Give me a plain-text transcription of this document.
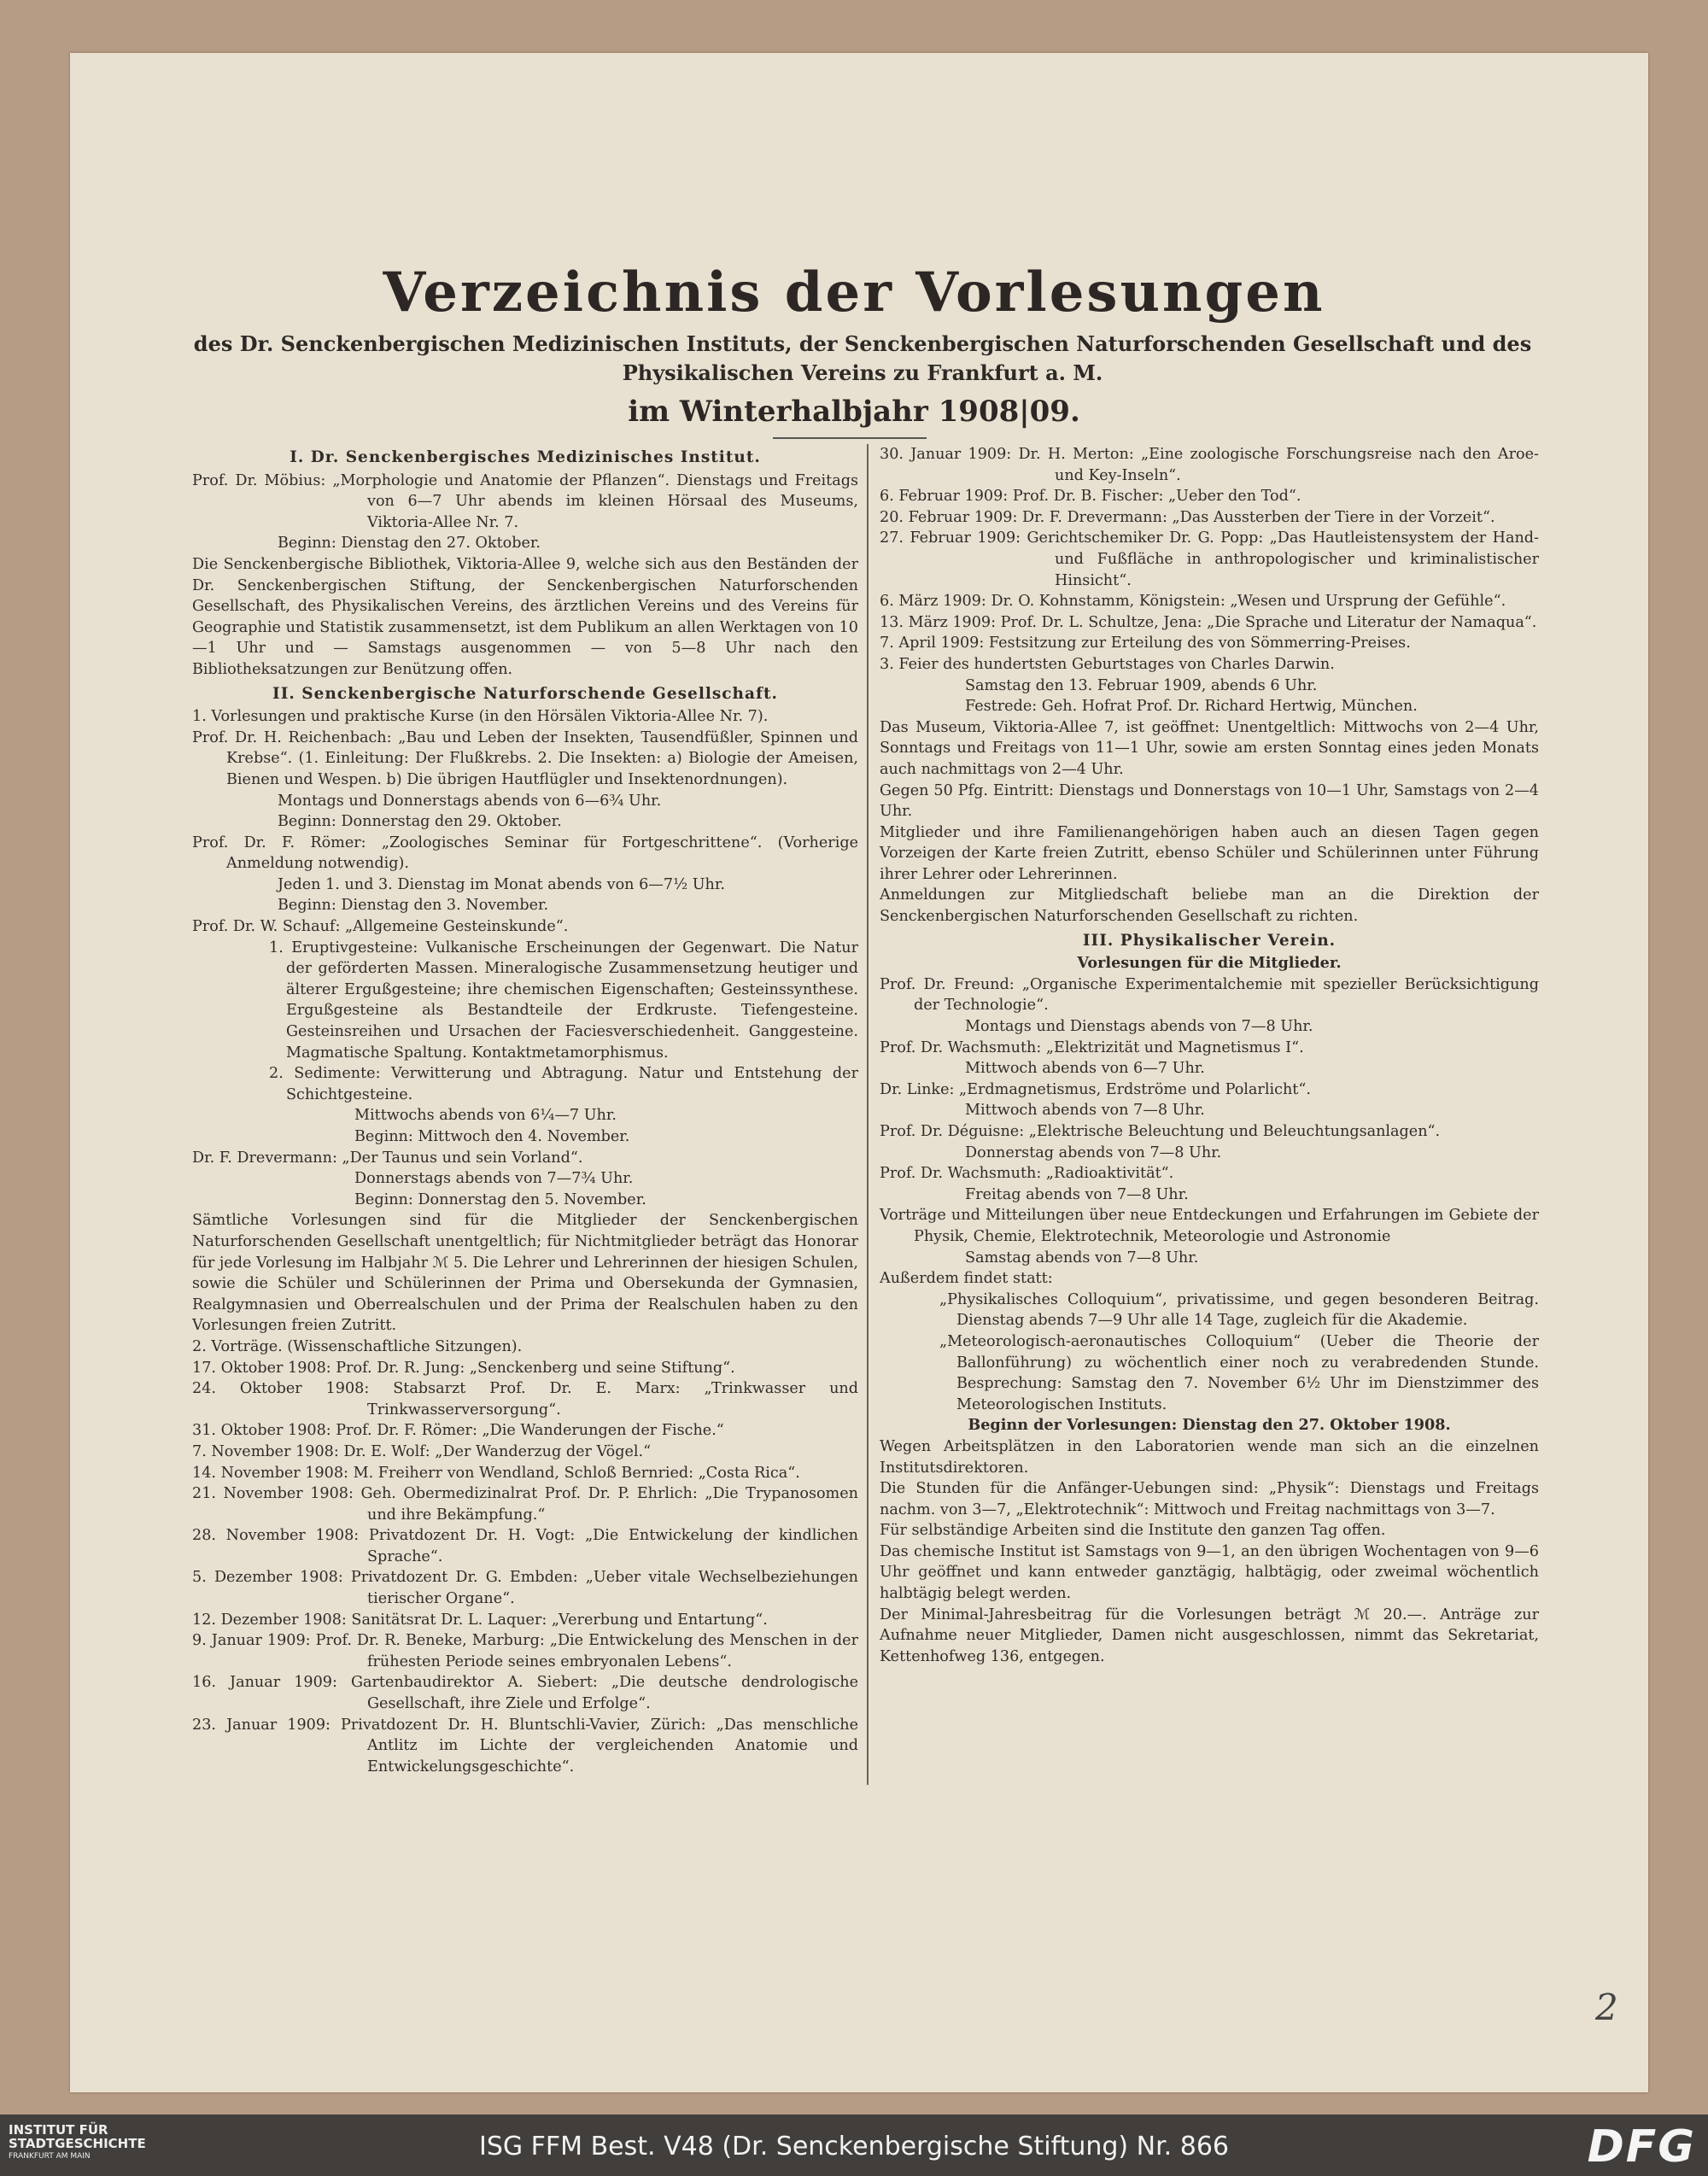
Verzeichnis der Vorlesungen
des Dr. Senckenbergischen Medizinischen Instituts, der Senckenbergischen Naturforschenden Gesellschaft und des Physikalischen Vereins zu Frankfurt a. M.
im Winterhalbjahr 1908|09.

I. Dr. Senckenbergisches Medizinisches Institut.

Prof. Dr. Möbius: „Morphologie und Anatomie der Pflanzen“. Dienstags und Freitags von 6—7 Uhr abends im kleinen Hörsaal des Museums, Viktoria-Allee Nr. 7.

Beginn: Dienstag den 27. Oktober.

Die Senckenbergische Bibliothek, Viktoria-Allee 9, welche sich aus den Beständen der Dr. Senckenbergischen Stiftung, der Senckenbergischen Naturforschenden Gesellschaft, des Physikalischen Vereins, des ärztlichen Vereins und des Vereins für Geographie und Statistik zusammensetzt, ist dem Publikum an allen Werktagen von 10—1 Uhr und — Samstags ausgenommen — von 5—8 Uhr nach den Bibliotheksatzungen zur Benützung offen.

II. Senckenbergische Naturforschende Gesellschaft.

1. Vorlesungen und praktische Kurse (in den Hörsälen Viktoria-Allee Nr. 7).

Prof. Dr. H. Reichenbach: „Bau und Leben der Insekten, Tausendfüßler, Spinnen und Krebse“. (1. Einleitung: Der Flußkrebs. 2. Die Insekten: a) Biologie der Ameisen, Bienen und Wespen. b) Die übrigen Hautflügler und Insektenordnungen).

Montags und Donnerstags abends von 6—6¾ Uhr.

Beginn: Donnerstag den 29. Oktober.

Prof. Dr. F. Römer: „Zoologisches Seminar für Fortgeschrittene“. (Vorherige Anmeldung notwendig).

Jeden 1. und 3. Dienstag im Monat abends von 6—7½ Uhr.

Beginn: Dienstag den 3. November.

Prof. Dr. W. Schauf: „Allgemeine Gesteinskunde“.

1. Eruptivgesteine: Vulkanische Erscheinungen der Gegenwart. Die Natur der geförderten Massen. Mineralogische Zusammensetzung heutiger und älterer Ergußgesteine; ihre chemischen Eigenschaften; Gesteinssynthese. Ergußgesteine als Bestandteile der Erdkruste. Tiefengesteine. Gesteinsreihen und Ursachen der Faciesverschiedenheit. Ganggesteine. Magmatische Spaltung. Kontaktmetamorphismus.

2. Sedimente: Verwitterung und Abtragung. Natur und Entstehung der Schichtgesteine.

Mittwochs abends von 6¼—7 Uhr.

Beginn: Mittwoch den 4. November.

Dr. F. Drevermann: „Der Taunus und sein Vorland“.

Donnerstags abends von 7—7¾ Uhr.

Beginn: Donnerstag den 5. November.

Sämtliche Vorlesungen sind für die Mitglieder der Senckenbergischen Naturforschenden Gesellschaft unentgeltlich; für Nichtmitglieder beträgt das Honorar für jede Vorlesung im Halbjahr ℳ 5. Die Lehrer und Lehrerinnen der hiesigen Schulen, sowie die Schüler und Schülerinnen der Prima und Obersekunda der Gymnasien, Realgymnasien und Oberrealschulen und der Prima der Realschulen haben zu den Vorlesungen freien Zutritt.

2. Vorträge. (Wissenschaftliche Sitzungen).

17. Oktober 1908: Prof. Dr. R. Jung: „Senckenberg und seine Stiftung“.

24. Oktober 1908: Stabsarzt Prof. Dr. E. Marx: „Trinkwasser und Trinkwasserversorgung“.

31. Oktober 1908: Prof. Dr. F. Römer: „Die Wanderungen der Fische.“

7. November 1908: Dr. E. Wolf: „Der Wanderzug der Vögel.“

14. November 1908: M. Freiherr von Wendland, Schloß Bernried: „Costa Rica“.

21. November 1908: Geh. Obermedizinalrat Prof. Dr. P. Ehrlich: „Die Trypanosomen und ihre Bekämpfung.“

28. November 1908: Privatdozent Dr. H. Vogt: „Die Entwickelung der kindlichen Sprache“.

5. Dezember 1908: Privatdozent Dr. G. Embden: „Ueber vitale Wechselbeziehungen tierischer Organe“.

12. Dezember 1908: Sanitätsrat Dr. L. Laquer: „Vererbung und Entartung“.

9. Januar 1909: Prof. Dr. R. Beneke, Marburg: „Die Entwickelung des Menschen in der frühesten Periode seines embryonalen Lebens“.

16. Januar 1909: Gartenbaudirektor A. Siebert: „Die deutsche dendrologische Gesellschaft, ihre Ziele und Erfolge“.

23. Januar 1909: Privatdozent Dr. H. Bluntschli-Vavier, Zürich: „Das menschliche Antlitz im Lichte der vergleichenden Anatomie und Entwickelungsgeschichte“.

30. Januar 1909: Dr. H. Merton: „Eine zoologische Forschungsreise nach den Aroe- und Key-Inseln“.

6. Februar 1909: Prof. Dr. B. Fischer: „Ueber den Tod“.

20. Februar 1909: Dr. F. Drevermann: „Das Aussterben der Tiere in der Vorzeit“.

27. Februar 1909: Gerichtschemiker Dr. G. Popp: „Das Hautleistensystem der Hand- und Fußfläche in anthropologischer und kriminalistischer Hinsicht“.

6. März 1909: Dr. O. Kohnstamm, Königstein: „Wesen und Ursprung der Gefühle“.

13. März 1909: Prof. Dr. L. Schultze, Jena: „Die Sprache und Literatur der Namaqua“.

7. April 1909: Festsitzung zur Erteilung des von Sömmerring-Preises.

3. Feier des hundertsten Geburtstages von Charles Darwin.

Samstag den 13. Februar 1909, abends 6 Uhr.

Festrede: Geh. Hofrat Prof. Dr. Richard Hertwig, München.

Das Museum, Viktoria-Allee 7, ist geöffnet: Unentgeltlich: Mittwochs von 2—4 Uhr, Sonntags und Freitags von 11—1 Uhr, sowie am ersten Sonntag eines jeden Monats auch nachmittags von 2—4 Uhr.

Gegen 50 Pfg. Eintritt: Dienstags und Donnerstags von 10—1 Uhr, Samstags von 2—4 Uhr.

Mitglieder und ihre Familienangehörigen haben auch an diesen Tagen gegen Vorzeigen der Karte freien Zutritt, ebenso Schüler und Schülerinnen unter Führung ihrer Lehrer oder Lehrerinnen.

Anmeldungen zur Mitgliedschaft beliebe man an die Direktion der Senckenbergischen Naturforschenden Gesellschaft zu richten.

III. Physikalischer Verein.

Vorlesungen für die Mitglieder.

Prof. Dr. Freund: „Organische Experimentalchemie mit spezieller Berücksichtigung der Technologie“.

Montags und Dienstags abends von 7—8 Uhr.

Prof. Dr. Wachsmuth: „Elektrizität und Magnetismus I“.

Mittwoch abends von 6—7 Uhr.

Dr. Linke: „Erdmagnetismus, Erdströme und Polarlicht“.

Mittwoch abends von 7—8 Uhr.

Prof. Dr. Déguisne: „Elektrische Beleuchtung und Beleuchtungsanlagen“.

Donnerstag abends von 7—8 Uhr.

Prof. Dr. Wachsmuth: „Radioaktivität“.

Freitag abends von 7—8 Uhr.

Vorträge und Mitteilungen über neue Entdeckungen und Erfahrungen im Gebiete der Physik, Chemie, Elektrotechnik, Meteorologie und Astronomie

Samstag abends von 7—8 Uhr.

Außerdem findet statt:

„Physikalisches Colloquium“, privatissime, und gegen besonderen Beitrag. Dienstag abends 7—9 Uhr alle 14 Tage, zugleich für die Akademie.

„Meteorologisch-aeronautisches Colloquium“ (Ueber die Theorie der Ballonführung) zu wöchentlich einer noch zu verabredenden Stunde. Besprechung: Samstag den 7. November 6½ Uhr im Dienstzimmer des Meteorologischen Instituts.

Beginn der Vorlesungen: Dienstag den 27. Oktober 1908.

Wegen Arbeitsplätzen in den Laboratorien wende man sich an die einzelnen Institutsdirektoren.

Die Stunden für die Anfänger-Uebungen sind: „Physik“: Dienstags und Freitags nachm. von 3—7, „Elektrotechnik“: Mittwoch und Freitag nachmittags von 3—7.

Für selbständige Arbeiten sind die Institute den ganzen Tag offen.

Das chemische Institut ist Samstags von 9—1, an den übrigen Wochentagen von 9—6 Uhr geöffnet und kann entweder ganztägig, halbtägig, oder zweimal wöchentlich halbtägig belegt werden.

Der Minimal-Jahresbeitrag für die Vorlesungen beträgt ℳ 20.—. Anträge zur Aufnahme neuer Mitglieder, Damen nicht ausgeschlossen, nimmt das Sekretariat, Kettenhofweg 136, entgegen.

2
INSTITUT FÜR
STADTGESCHICHTE
FRANKFURT AM MAIN	ISG FFM Best. V48 (Dr. Senckenbergische Stiftung) Nr. 866	DFG
